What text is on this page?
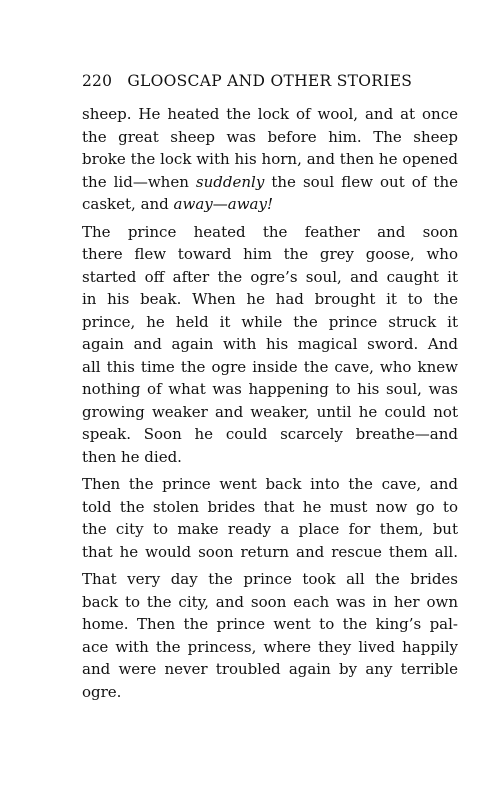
220 GLOOSCAP AND OTHER STORIES
sheep. He heated the lock of wool, and at once
the great sheep was before him. The sheep
broke the lock with his horn, and then he opened
the lid—when suddenly the soul flew out of the
casket, and away—away!
The prince heated the feather and soon
there flew toward him the grey goose, who
started off after the ogre’s soul, and caught it
in his beak. When he had brought it to the
prince, he held it while the prince struck it
again and again with his magical sword. And
all this time the ogre inside the cave, who knew
nothing of what was happening to his soul, was
growing weaker and weaker, until he could not
speak. Soon he could scarcely breathe—and
then he died.
Then the prince went back into the cave, and
told the stolen brides that he must now go to
the city to make ready a place for them, but
that he would soon return and rescue them all.
That very day the prince took all the brides
back to the city, and soon each was in her own
home. Then the prince went to the king’s pal-
ace with the princess, where they lived happily
and were never troubled again by any terrible
ogre.
